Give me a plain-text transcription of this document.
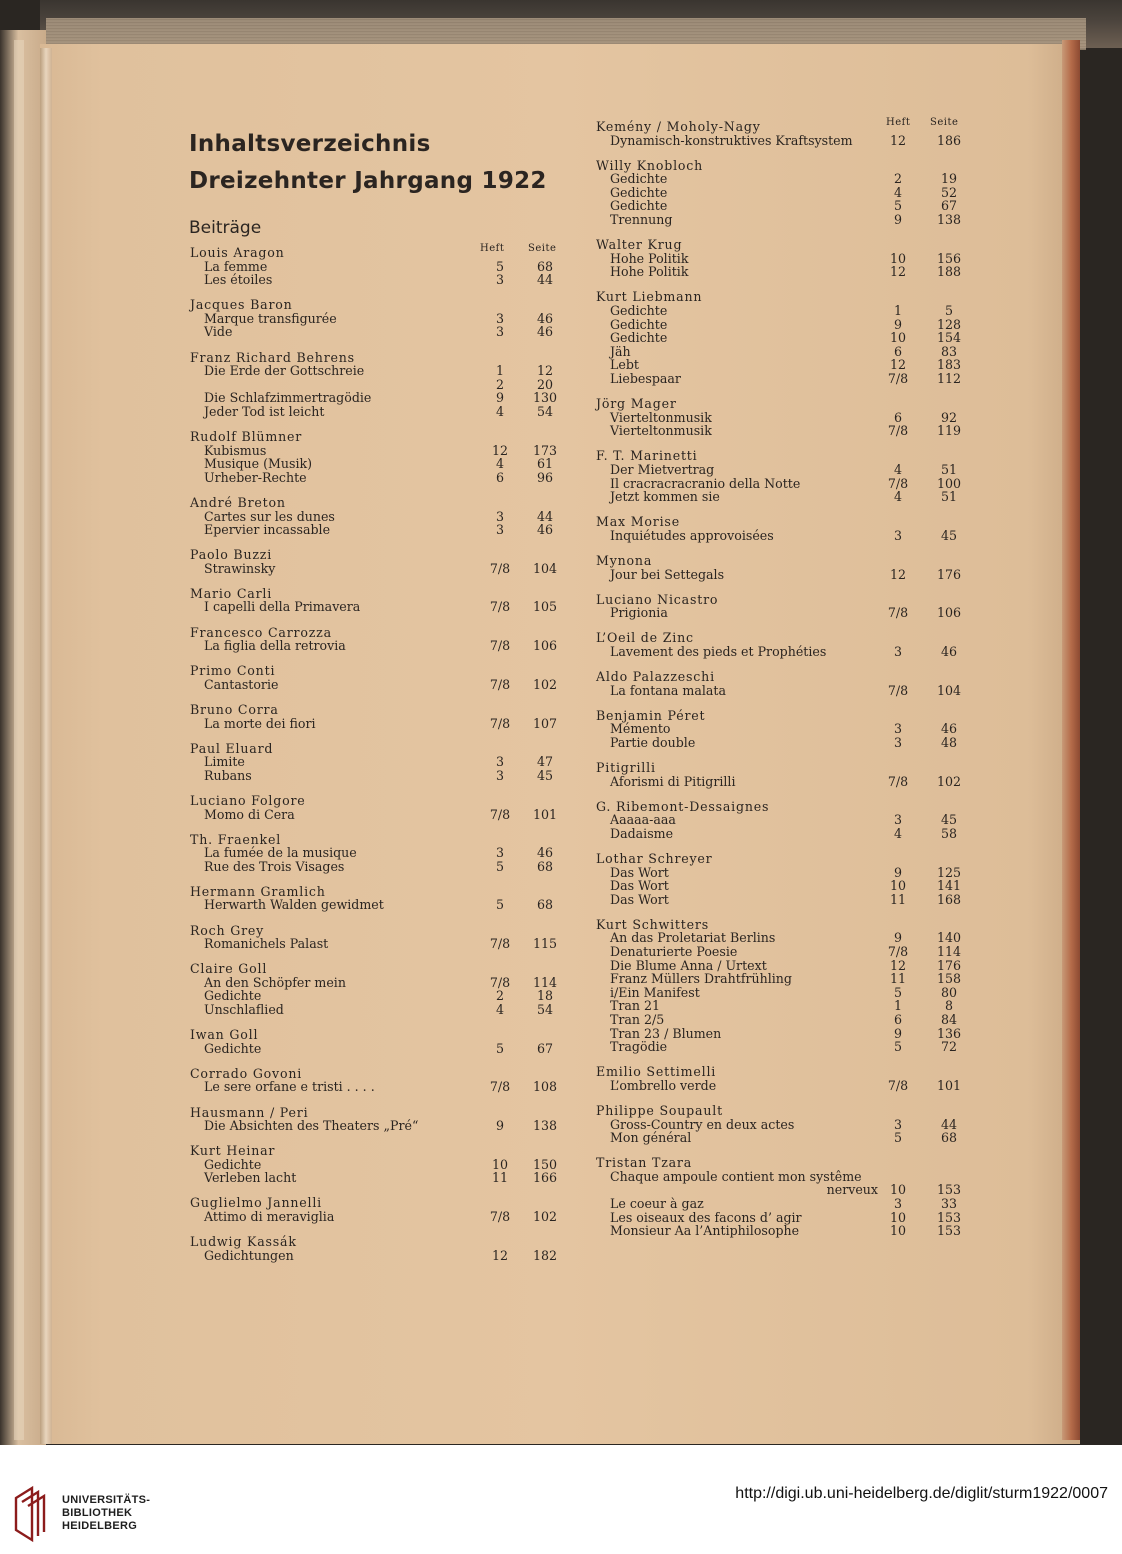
Inhaltsverzeichnis
Dreizehnter Jahrgang 1922
Beiträge
Heft Seite
Louis Aragon
La femme	5	68
Les étoiles	3	44
Jacques Baron
Marque transfigurée	3	46
Vide	3	46
Franz Richard Behrens
Die Erde der Gottschreie	1	12
2	20
Die Schlafzimmertragödie	9	130
Jeder Tod ist leicht	4	54
Rudolf Blümner
Kubismus	12	173
Musique (Musik)	4	61
Urheber-Rechte	6	96
André Breton
Cartes sur les dunes	3	44
Epervier incassable	3	46
Paolo Buzzi
Strawinsky	7/8	104
Mario Carli
I capelli della Primavera	7/8	105
Francesco Carrozza
La figlia della retrovia	7/8	106
Primo Conti
Cantastorie	7/8	102
Bruno Corra
La morte dei fiori	7/8	107
Paul Eluard
Limite	3	47
Rubans	3	45
Luciano Folgore
Momo di Cera	7/8	101
Th. Fraenkel
La fumée de la musique	3	46
Rue des Trois Visages	5	68
Hermann Gramlich
Herwarth Walden gewidmet	5	68
Roch Grey
Romanichels Palast	7/8	115
Claire Goll
An den Schöpfer mein	7/8	114
Gedichte	2	18
Unschlaflied	4	54
Iwan Goll
Gedichte	5	67
Corrado Govoni
Le sere orfane e tristi . . . .	7/8	108
Hausmann / Peri
Die Absichten des Theaters „Pré“	9	138
Kurt Heinar
Gedichte	10	150
Verleben lacht	11	166
Guglielmo Jannelli
Attimo di meraviglia	7/8	102
Ludwig Kassák
Gedichtungen	12	182
Heft Seite
Kemény / Moholy-Nagy
Dynamisch-konstruktives Kraftsystem	12	186
Willy Knobloch
Gedichte	2	19
Gedichte	4	52
Gedichte	5	67
Trennung	9	138
Walter Krug
Hohe Politik	10	156
Hohe Politik	12	188
Kurt Liebmann
Gedichte	1	5
Gedichte	9	128
Gedichte	10	154
Jäh	6	83
Lebt	12	183
Liebespaar	7/8	112
Jörg Mager
Vierteltonmusik	6	92
Vierteltonmusik	7/8	119
F. T. Marinetti
Der Mietvertrag	4	51
Il cracracracranio della Notte	7/8	100
Jetzt kommen sie	4	51
Max Morise
Inquiétudes approvoisées	3	45
Mynona
Jour bei Settegals	12	176
Luciano Nicastro
Prigionia	7/8	106
L’Oeil de Zinc
Lavement des pieds et Prophéties	3	46
Aldo Palazzeschi
La fontana malata	7/8	104
Benjamin Péret
Mémento	3	46
Partie double	3	48
Pitigrilli
Aforismi di Pitigrilli	7/8	102
G. Ribemont-Dessaignes
Aaaaa-aaa	3	45
Dadaisme	4	58
Lothar Schreyer
Das Wort	9	125
Das Wort	10	141
Das Wort	11	168
Kurt Schwitters
An das Proletariat Berlins	9	140
Denaturierte Poesie	7/8	114
Die Blume Anna / Urtext	12	176
Franz Müllers Drahtfrühling	11	158
i/Ein Manifest	5	80
Tran 21	1	8
Tran 2/5	6	84
Tran 23 / Blumen	9	136
Tragödie	5	72
Emilio Settimelli
L’ombrello verde	7/8	101
Philippe Soupault
Gross-Country en deux actes	3	44
Mon général	5	68
Tristan Tzara
Chaque ampoule contient mon systême
nerveux 10	153
Le coeur à gaz	3	33
Les oiseaux des facons d’ agir	10	153
Monsieur Aa l’Antiphilosophe	10	153
UNIVERSITÄTS-
BIBLIOTHEK
HEIDELBERG
http://digi.ub.uni-heidelberg.de/diglit/sturm1922/0007
